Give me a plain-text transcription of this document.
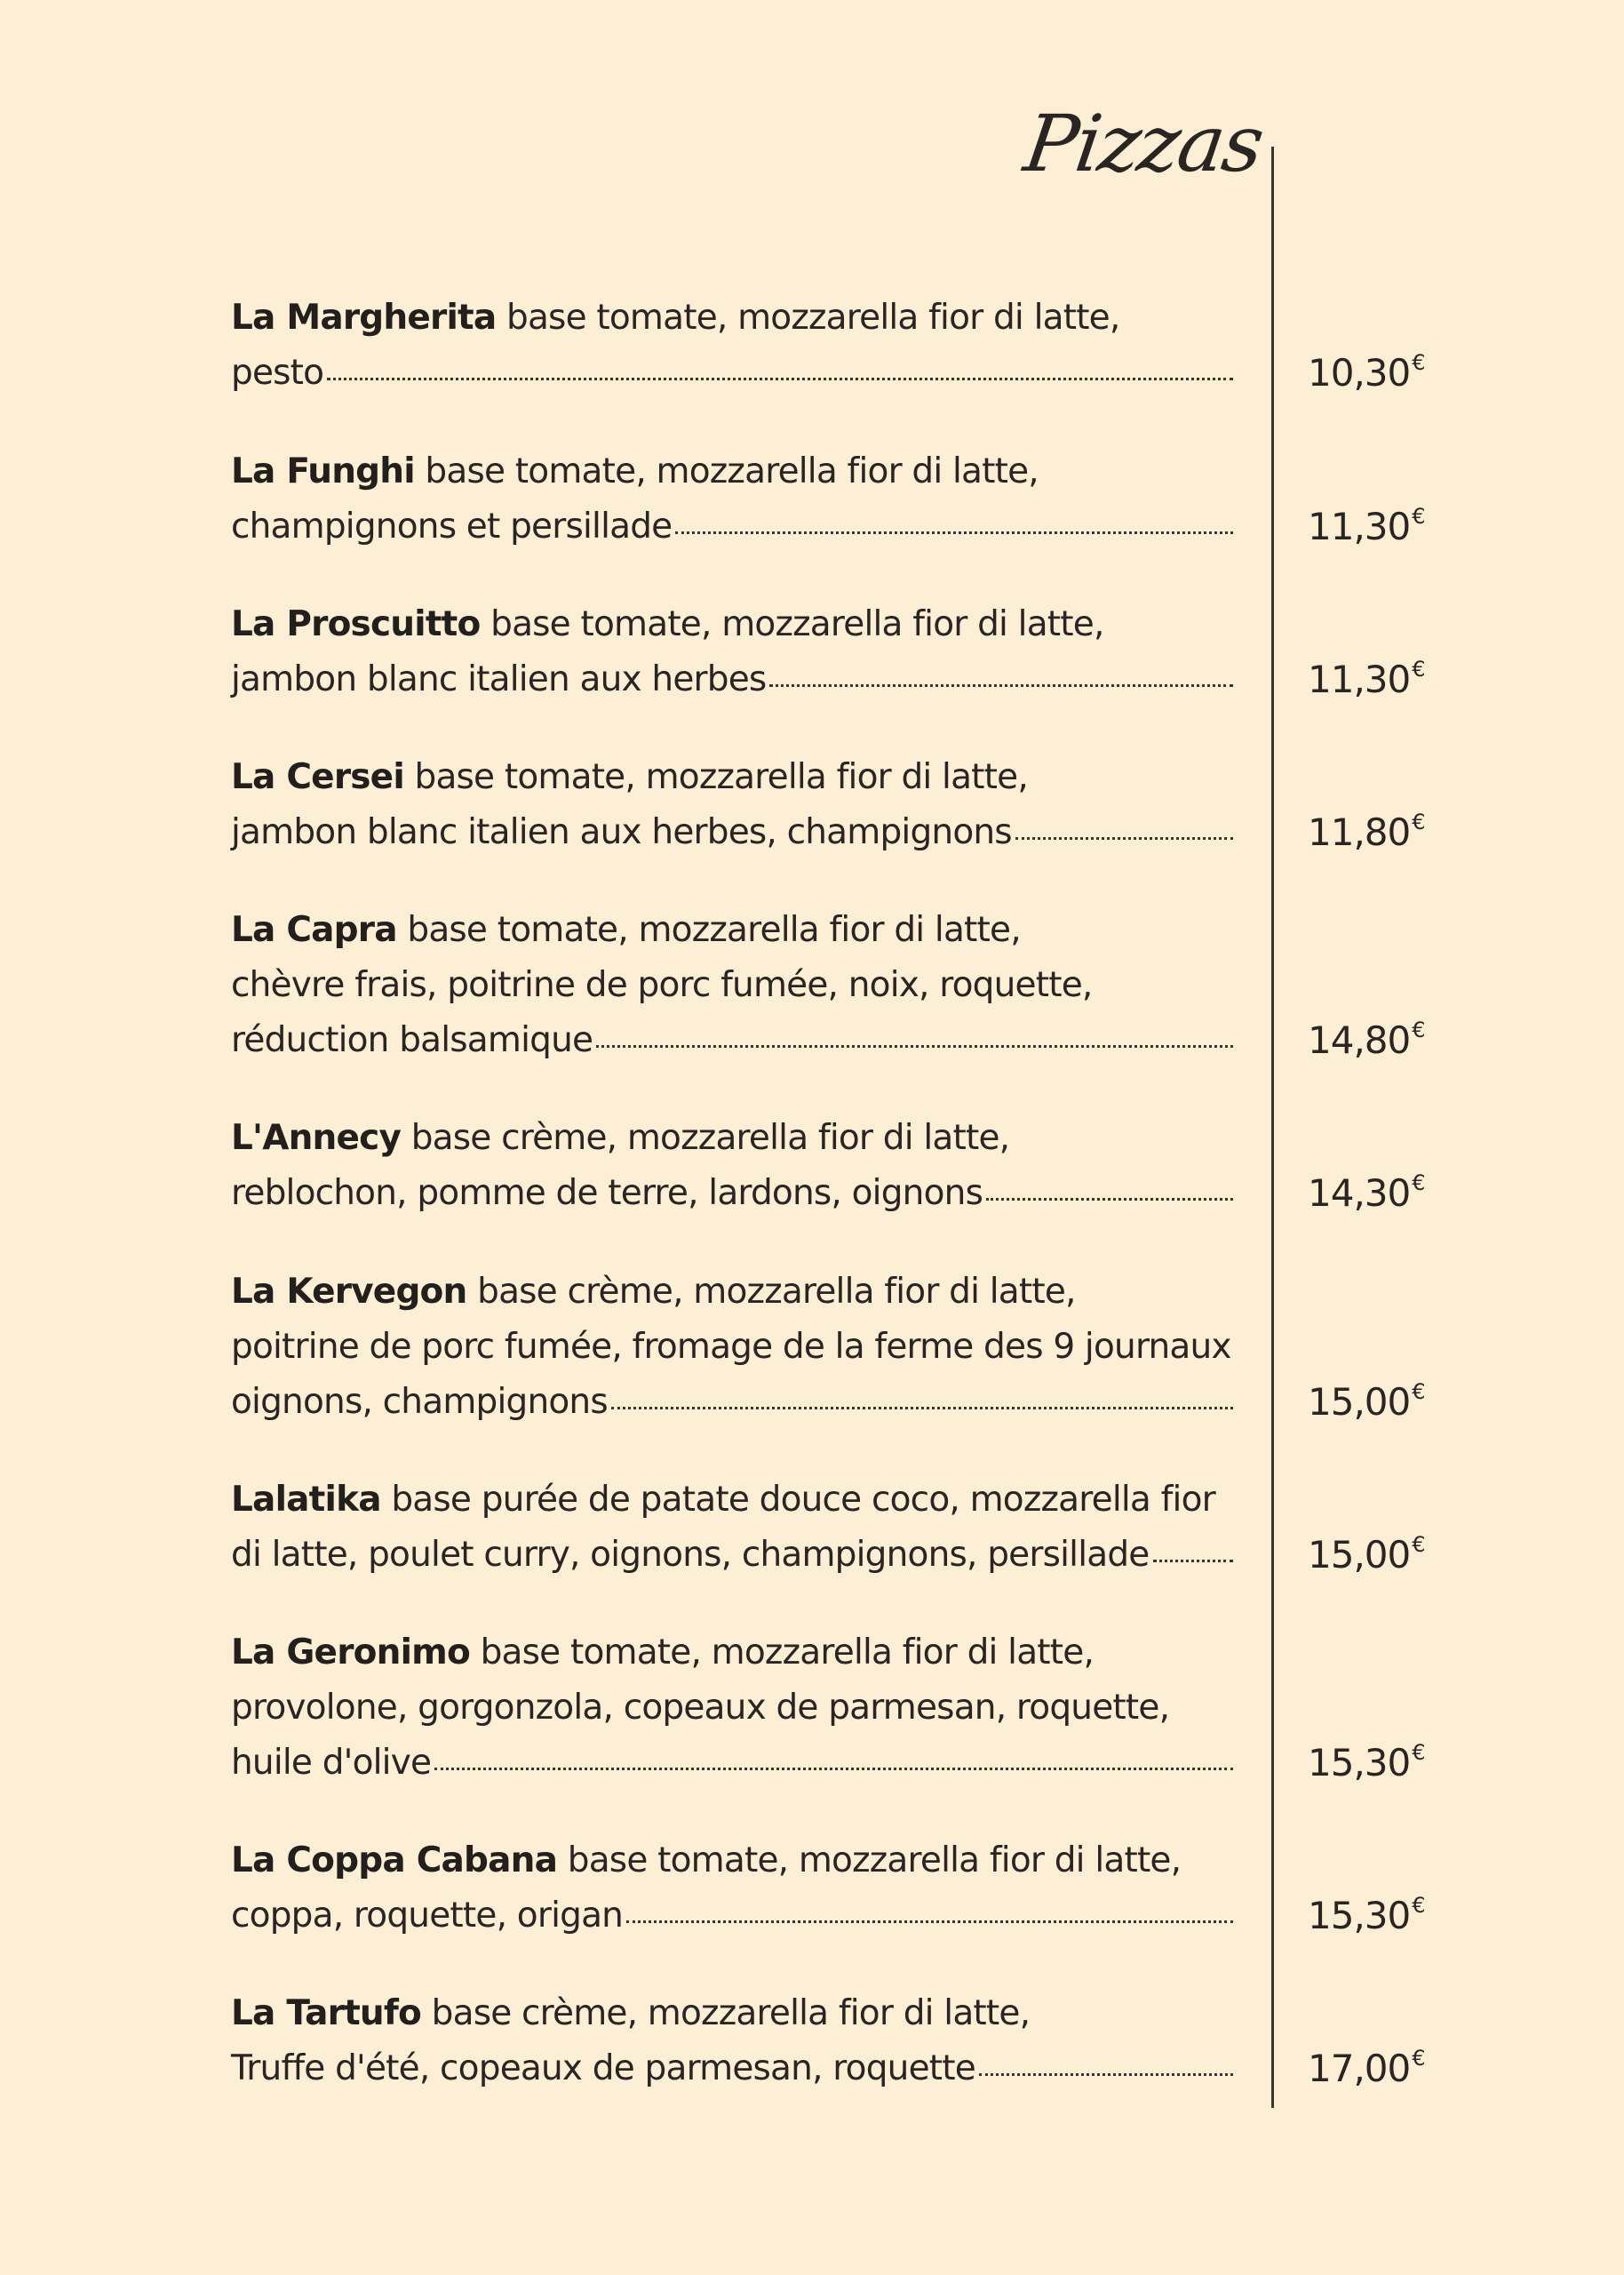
Pizzas
La Margherita base tomate, mozzarella fior di latte,
pesto	10,30€
La Funghi base tomate, mozzarella fior di latte,
champignons et persillade	11,30€
La Proscuitto base tomate, mozzarella fior di latte,
jambon blanc italien aux herbes	11,30€
La Cersei base tomate, mozzarella fior di latte,
jambon blanc italien aux herbes, champignons	11,80€
La Capra base tomate, mozzarella fior di latte,
chèvre frais, poitrine de porc fumée, noix, roquette,
réduction balsamique	14,80€
L'Annecy base crème, mozzarella fior di latte,
reblochon, pomme de terre, lardons, oignons	14,30€
La Kervegon base crème, mozzarella fior di latte,
poitrine de porc fumée, fromage de la ferme des 9 journaux
oignons, champignons	15,00€
Lalatika base purée de patate douce coco, mozzarella fior
di latte, poulet curry, oignons, champignons, persillade	15,00€
La Geronimo base tomate, mozzarella fior di latte,
provolone, gorgonzola, copeaux de parmesan, roquette,
huile d'olive	15,30€
La Coppa Cabana base tomate, mozzarella fior di latte,
coppa, roquette, origan	15,30€
La Tartufo base crème, mozzarella fior di latte,
Truffe d'été, copeaux de parmesan, roquette	17,00€
